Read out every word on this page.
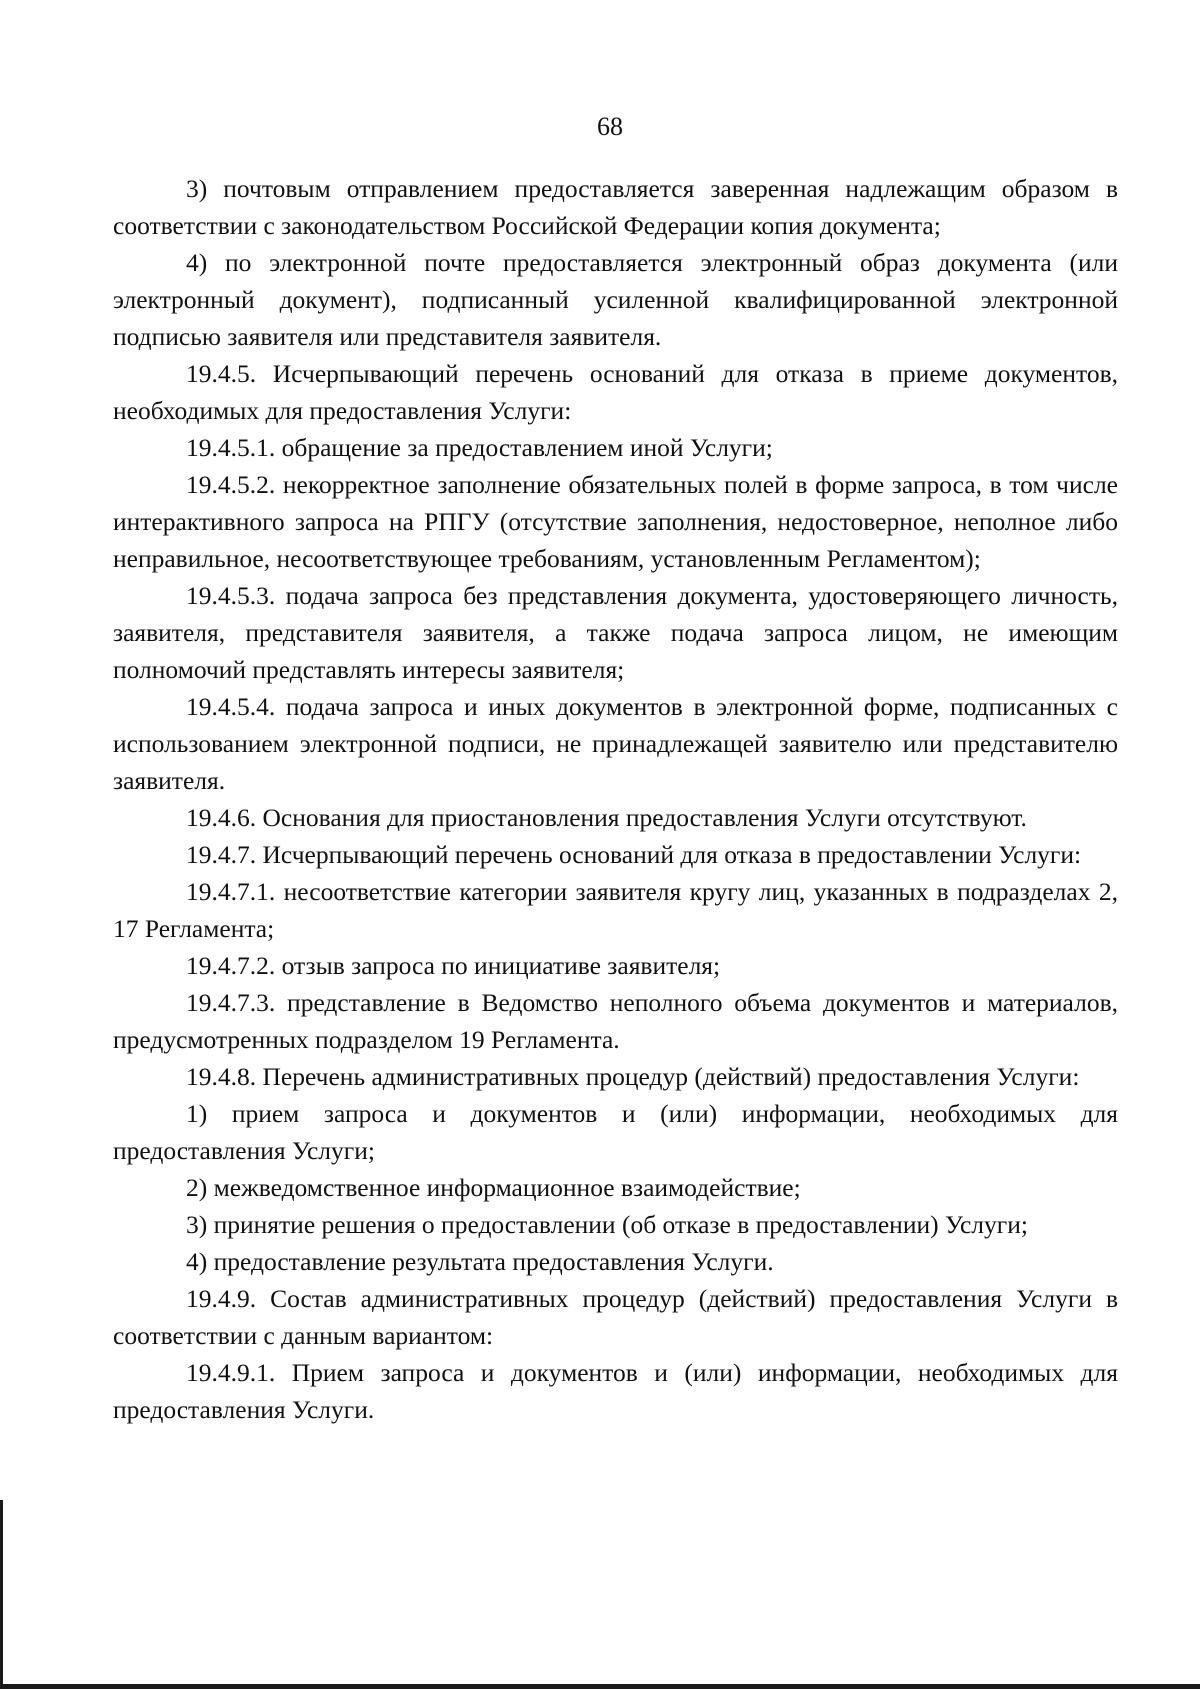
68

3) почтовым отправлением предоставляется заверенная надлежащим образом в соответствии с законодательством Российской Федерации копия документа;

4) по электронной почте предоставляется электронный образ документа (или электронный документ), подписанный усиленной квалифицированной электронной подписью заявителя или представителя заявителя.

19.4.5. Исчерпывающий перечень оснований для отказа в приеме документов, необходимых для предоставления Услуги:

19.4.5.1. обращение за предоставлением иной Услуги;

19.4.5.2. некорректное заполнение обязательных полей в форме запроса, в том числе интерактивного запроса на РПГУ (отсутствие заполнения, недостоверное, неполное либо неправильное, несоответствующее требованиям, установленным Регламентом);

19.4.5.3. подача запроса без представления документа, удостоверяющего личность, заявителя, представителя заявителя, а также подача запроса лицом, не имеющим полномочий представлять интересы заявителя;

19.4.5.4. подача запроса и иных документов в электронной форме, подписанных с использованием электронной подписи, не принадлежащей заявителю или представителю заявителя.

19.4.6. Основания для приостановления предоставления Услуги отсутствуют.

19.4.7. Исчерпывающий перечень оснований для отказа в предоставлении Услуги:

19.4.7.1. несоответствие категории заявителя кругу лиц, указанных в подразделах 2, 17 Регламента;

19.4.7.2. отзыв запроса по инициативе заявителя;

19.4.7.3. представление в Ведомство неполного объема документов и материалов, предусмотренных подразделом 19 Регламента.

19.4.8. Перечень административных процедур (действий) предоставления Услуги:

1) прием запроса и документов и (или) информации, необходимых для предоставления Услуги;

2) межведомственное информационное взаимодействие;

3) принятие решения о предоставлении (об отказе в предоставлении) Услуги;

4) предоставление результата предоставления Услуги.

19.4.9. Состав административных процедур (действий) предоставления Услуги в соответствии с данным вариантом:

19.4.9.1. Прием запроса и документов и (или) информации, необходимых для предоставления Услуги.
